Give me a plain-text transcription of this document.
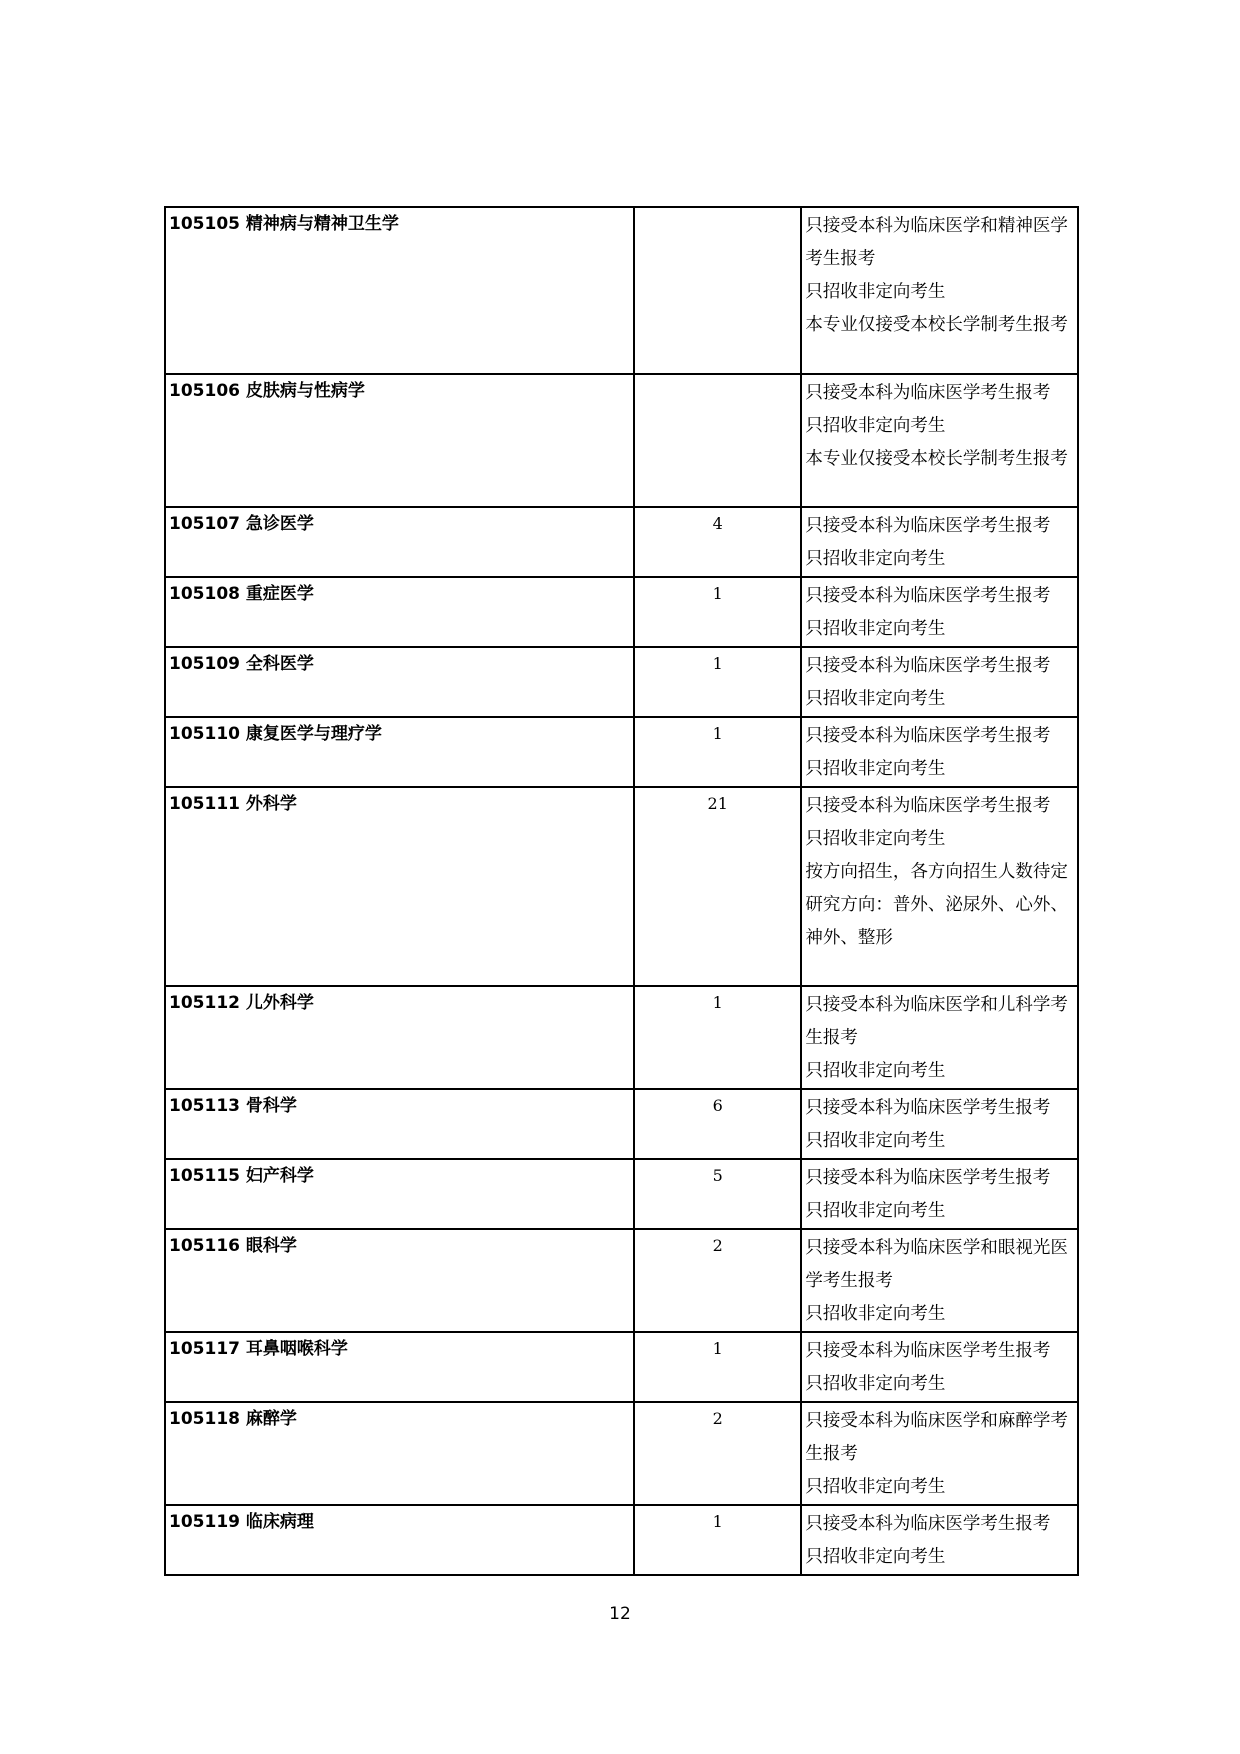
105105 精神病与精神卫生学		只接受本科为临床医学和精神医学考生报考
只招收非定向考生
本专业仅接受本校长学制考生报考

105106 皮肤病与性病学		只接受本科为临床医学考生报考
只招收非定向考生
本专业仅接受本校长学制考生报考

105107 急诊医学	4	只接受本科为临床医学考生报考
只招收非定向考生

105108 重症医学	1	只接受本科为临床医学考生报考
只招收非定向考生

105109 全科医学	1	只接受本科为临床医学考生报考
只招收非定向考生

105110 康复医学与理疗学	1	只接受本科为临床医学考生报考
只招收非定向考生

105111 外科学	21	只接受本科为临床医学考生报考
只招收非定向考生
按方向招生，各方向招生人数待定
研究方向：普外、泌尿外、心外、神外、整形

105112 儿外科学	1	只接受本科为临床医学和儿科学考生报考
只招收非定向考生

105113 骨科学	6	只接受本科为临床医学考生报考
只招收非定向考生

105115 妇产科学	5	只接受本科为临床医学考生报考
只招收非定向考生

105116 眼科学	2	只接受本科为临床医学和眼视光医学考生报考
只招收非定向考生

105117 耳鼻咽喉科学	1	只接受本科为临床医学考生报考
只招收非定向考生

105118 麻醉学	2	只接受本科为临床医学和麻醉学考生报考
只招收非定向考生

105119 临床病理	1	只接受本科为临床医学考生报考
只招收非定向考生
12
